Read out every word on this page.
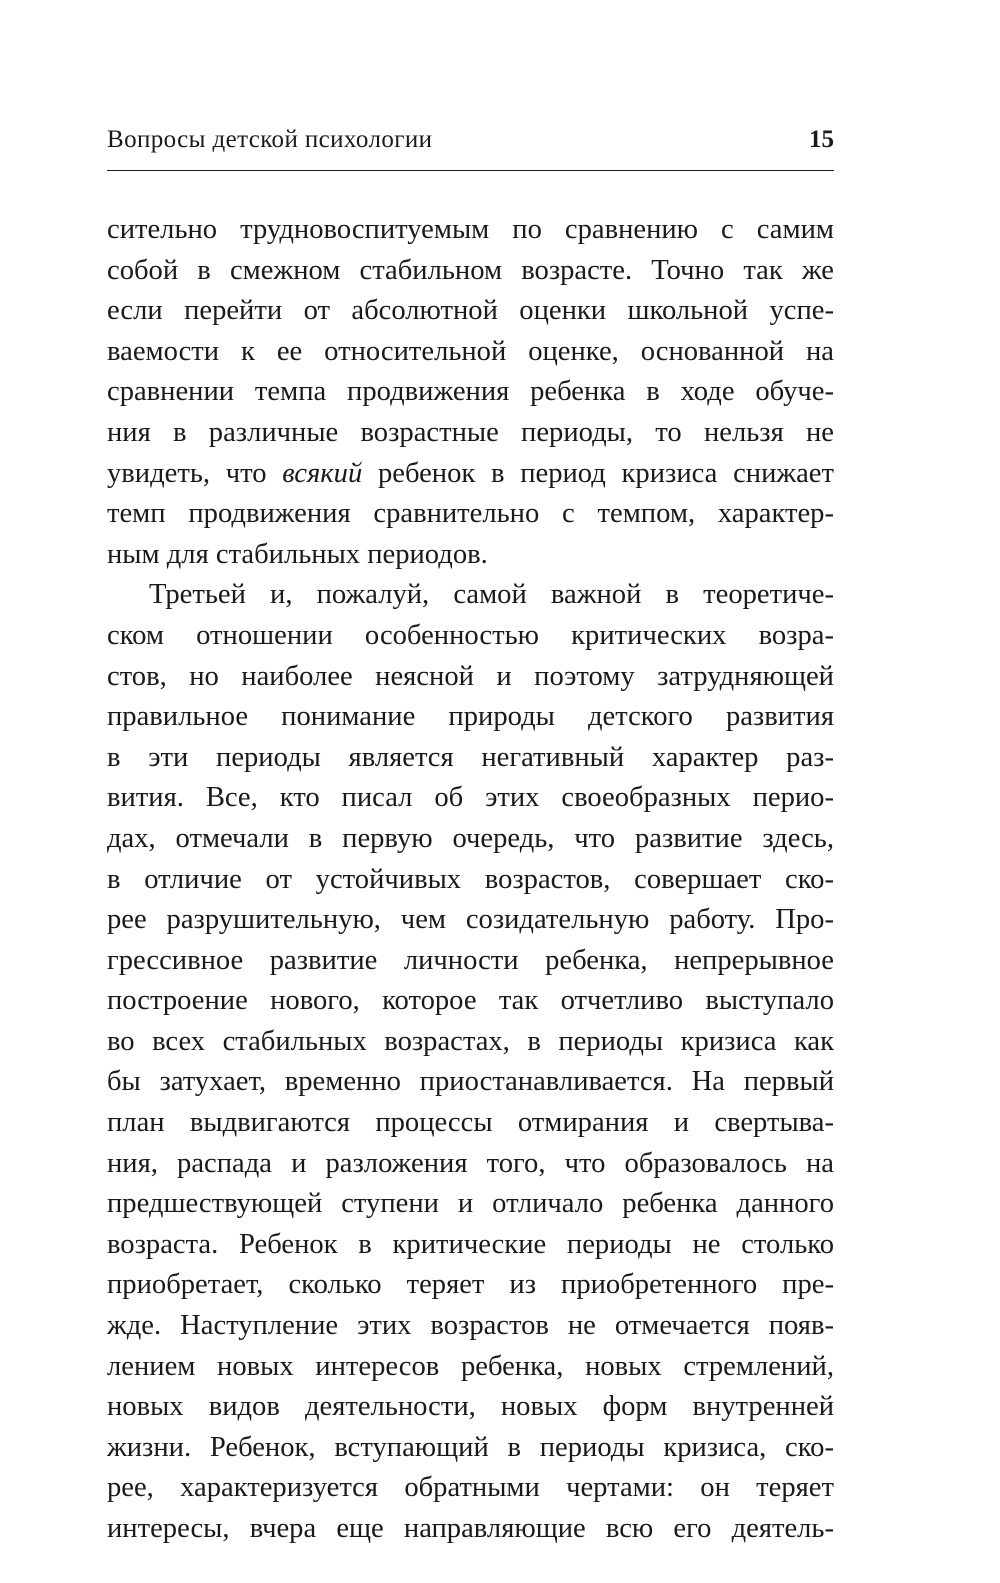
Вопросы детской психологии	15
сительно трудновоспитуемым по сравнению с самим
собой в смежном стабильном возрасте. Точно так же
если перейти от абсолютной оценки школьной успе-
ваемости к ее относительной оценке, основанной на
сравнении темпа продвижения ребенка в ходе обуче-
ния в различные возрастные периоды, то нельзя не
увидеть, что всякий ребенок в период кризиса снижает
темп продвижения сравнительно с темпом, характер-
ным для стабильных периодов.
Третьей и, пожалуй, самой важной в теоретиче-
ском отношении особенностью критических возра-
стов, но наиболее неясной и поэтому затрудняющей
правильное понимание природы детского развития
в эти периоды является негативный характер раз-
вития. Все, кто писал об этих своеобразных перио-
дах, отмечали в первую очередь, что развитие здесь,
в отличие от устойчивых возрастов, совершает ско-
рее разрушительную, чем созидательную работу. Про-
грессивное развитие личности ребенка, непрерывное
построение нового, которое так отчетливо выступало
во всех стабильных возрастах, в периоды кризиса как
бы затухает, временно приостанавливается. На первый
план выдвигаются процессы отмирания и свертыва-
ния, распада и разложения того, что образовалось на
предшествующей ступени и отличало ребенка данного
возраста. Ребенок в критические периоды не столько
приобретает, сколько теряет из приобретенного пре-
жде. Наступление этих возрастов не отмечается появ-
лением новых интересов ребенка, новых стремлений,
новых видов деятельности, новых форм внутренней
жизни. Ребенок, вступающий в периоды кризиса, ско-
рее, характеризуется обратными чертами: он теряет
интересы, вчера еще направляющие всю его деятель-
